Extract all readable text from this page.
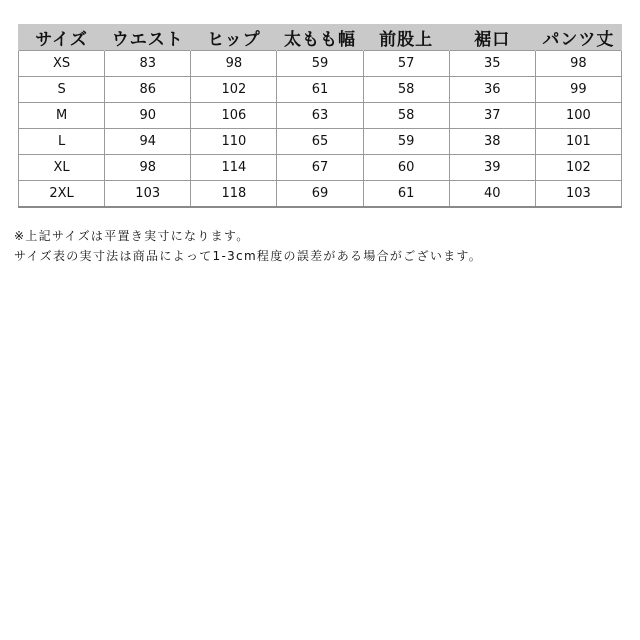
サイズ	ウエスト	ヒップ	太もも幅	前股上	裾口	パンツ丈
XS	83	98	59	57	35	98
S	86	102	61	58	36	99
M	90	106	63	58	37	100
L	94	110	65	59	38	101
XL	98	114	67	60	39	102
2XL	103	118	69	61	40	103
※上記サイズは平置き実寸になります。
サイズ表の実寸法は商品によって1-3cm程度の誤差がある場合がございます。
